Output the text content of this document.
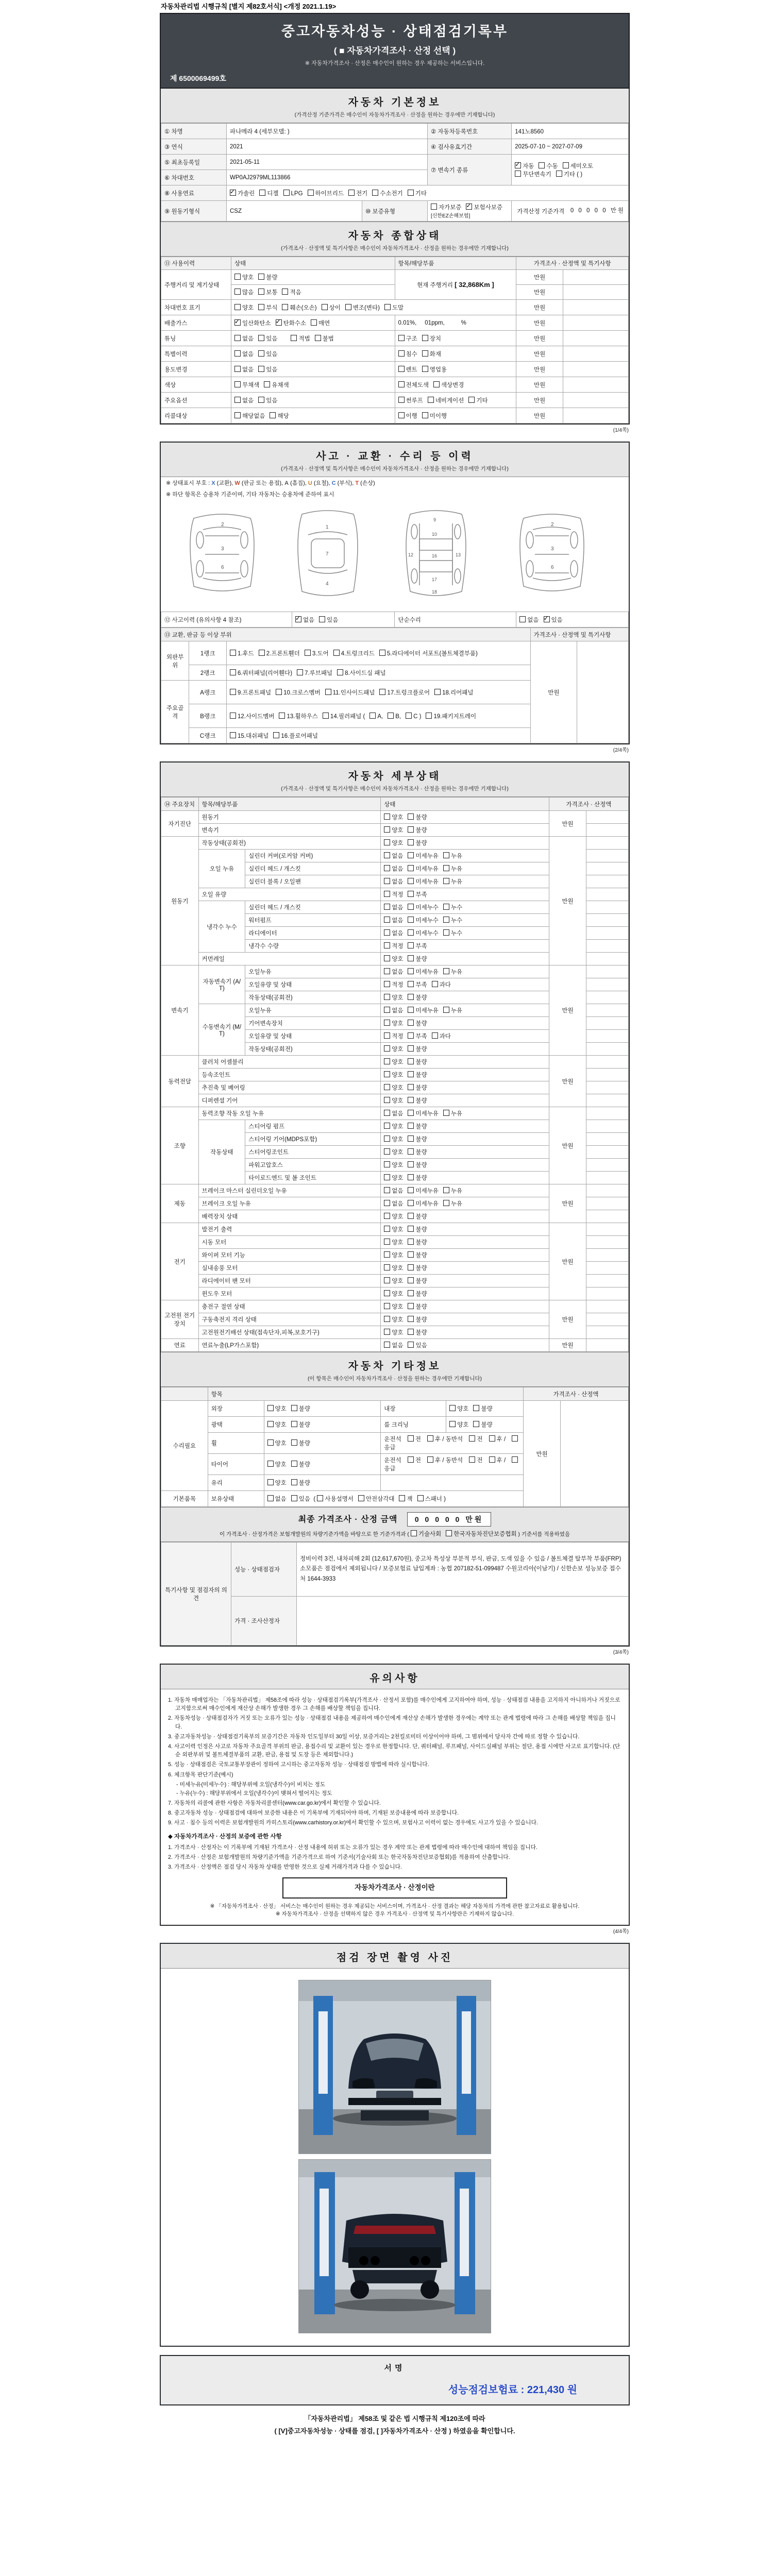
자동차관리법 시행규칙 [별지 제82호서식] <개정 2021.1.19>
중고자동차성능 · 상태점검기록부
( ■ 자동차가격조사 · 산정 선택 )
※ 자동차가격조사 · 산정은 매수인이 원하는 경우 제공하는 서비스입니다.
제 6500069499호
자동차 기본정보
(가격산정 기준가격은 매수인이 자동차가격조사 · 산정을 원하는 경우에만 기재합니다)
① 차명	파나메라 4 (세부모델: )		② 자동차등록번호	141노8560
③ 연식	2021		④ 검사유효기간	2025-07-10 ~ 2027-07-09
⑤ 최초등록일	2021-05-11		⑦ 변속기 종류	✓자동 수동 세미오토
무단변속기 기타 ( )
⑥ 차대번호	WP0AJ2979ML113866			
⑧ 사용연료	✓가솔린 디젤 LPG 하이브리드 전기 수소전기 기타
⑨ 원동기형식	CSZ	⑩ 보증유형	자가보증 ✓ 보험사보증 [신한EZ손해보험]	가격산정 기준가격 0 0 0 0 0 만원
자동차 종합상태
(가격조사 · 산정액 및 특기사항은 매수인이 자동차가격조사 · 산정을 원하는 경우에만 기재합니다)
⑪ 사용이력	상태	항목/해당부품	가격조사 · 산정액 및 특기사항	
주행거리 및 계기상태	양호 불량	현재 주행거리 [ 32,868Km ]	만원	
	많음 보통 적음		만원	
차대번호 표기	양호 부식 훼손(오손) 상이 변조(변타) 도말		만원	
배출가스	✓일산화탄소 ✓ 탄화수소 매연	0.01%,     01ppm,          %	만원	
튜닝	없음 있음 적법 불법	구조 장치	만원	
특별이력	없음 있음	침수 화재	만원	
용도변경	없음 있음	렌트 영업용	만원	
색상	무채색 유채색	전체도색 색상변경	만원	
주요옵션	없음 있음	썬루프 네비게이션 기타	만원	
리콜대상	해당없음 해당	이행 미이행	만원	
(1/4쪽)
사고 · 교환 · 수리 등 이력
(가격조사 · 산정액 및 특기사항은 매수인이 자동차가격조사 · 산정을 원하는 경우에만 기재합니다)
※ 상태표시 부호 : X (교환), W (판금 또는 용접), A (흠집), U (요철), C (부식), T (손상)
※ 하단 항목은 승용차 기준이며, 기타 자동차는 승용차에 준하여 표시
2
3
6
1
7
4
9
10
12	13
16
17
18
2
3
6
⑫ 사고이력 (유의사항 4 참조)	✓없음 있음	단순수리	없음 ✓ 있음
⑬ 교환, 판금 등 이상 부위			가격조사 · 산정액 및 특기사항	
외판부위	1랭크	1.후드 2.프론트휀더 3.도어 4.트렁크리드 5.라디에이터 서포트(볼트체결부품)	만원	
	2랭크	6.쿼터패널(리어휀다) 7.루브패널 8.사이드실 패널		
주요골격	A랭크	9.프론트패널 10.크로스멤버 11.인사이드패널 17.트렁크플로어 18.리어패널		
	B랭크	12.사이드멤버 13.휠하우스 14.필러패널 ( A, B, C ) 19.패키지트레이		
	C랭크	15.대쉬패널 16.플로어패널		
(2/4쪽)
자동차 세부상태
(가격조사 · 산정액 및 특기사항은 매수인이 자동차가격조사 · 산정을 원하는 경우에만 기재합니다)
⑭ 주요장치	항목/해당부품		상태	가격조사 · 산정액	
자기진단	원동기		양호 불량	만원	
	변속기		양호 불량		
원동기	작동상태(공회전)		양호 불량	만원	
	오일 누유	실린더 커버(로커암 커버)	없음 미세누유 누유		
		실린더 헤드 / 개스킷	없음 미세누유 누유		
		실린더 블록 / 오일팬	없음 미세누유 누유		
	오일 유량		적정 부족		
	냉각수 누수	실린더 헤드 / 개스킷	없음 미세누수 누수		
		워터펌프	없음 미세누수 누수		
		라디에이터	없음 미세누수 누수		
		냉각수 수량	적정 부족		
	커먼레일		양호 불량		
변속기	자동변속기 (A/T)	오일누유	없음 미세누유 누유	만원	
		오일유량 및 상태	적정 부족 과다		
		작동상태(공회전)	양호 불량		
	수동변속기 (M/T)	오일누유	없음 미세누유 누유		
		기어변속장치	양호 불량		
		오일유량 및 상태	적정 부족 과다		
		작동상태(공회전)	양호 불량		
동력전달	클러치 어셈블리		양호 불량	만원	
	등속조인트		양호 불량		
	추진축 및 베어링		양호 불량		
	디퍼렌셜 기어		양호 불량		
조향	동력조향 작동 오일 누유		없음 미세누유 누유	만원	
	작동상태	스티어링 펌프	양호 불량		
		스티어링 기어(MDPS포함)	양호 불량		
		스티어링조인트	양호 불량		
		파워고압호스	양호 불량		
		타이로드엔드 및 볼 조인트	양호 불량		
제동	브레이크 마스터 실린더오일 누유		없음 미세누유 누유	만원	
	브레이크 오일 누유		없음 미세누유 누유		
	배력장치 상태		양호 불량		
전기	발전기 출력		양호 불량	만원	
	시동 모터		양호 불량		
	와이퍼 모터 기능		양호 불량		
	실내송풍 모터		양호 불량		
	라디에이터 팬 모터		양호 불량		
	윈도우 모터		양호 불량		
고전원 전기장치	충전구 절연 상태		양호 불량	만원	
	구동축전지 격리 상태		양호 불량		
	고전원전기배선 상태(접속단자,피복,보호기구)		양호 불량		
연료	연료누출(LP가스포함)		없음 있음	만원	
자동차 기타정보
(이 항목은 매수인이 자동차가격조사 · 산정을 원하는 경우에만 기재합니다)
	항목				가격조사 · 산정액	
수리필요	외장	양호 불량	내장	양호 불량	만원	
	광택	양호 불량	룸 크리닝	양호 불량		
	휠	양호 불량	운전석 전 후 / 동반석 전 후 / 응급			
	타이어	양호 불량	운전석 전 후 / 동반석 전 후 / 응급			
	유리	양호 불량				
기본품목	보유상태	없음 있음  ( 사용설명서 안전삼각대 잭 스패너 )				
최종 가격조사 · 산정 금액 0 0 0 0 0 만원
이 가격조사 · 산정가격은 보험개발원의 차량기준가액을 바탕으로 한 기준가격과 ( 기술사회 한국자동차진단보증협회 ) 기준서를 적용하였음
특기사항 및 점검자의 의견	성능 · 상태점검자	정비이력 3건, 내차피해 2회 (12,617,670원), 중고차 특성상 부분적 부식, 판금, 도색 있을 수 있음 / 볼트체결 탈부착 부품(FRP)소모품은 점검에서 제외됩니다 / 보증보험료 납입계좌 : 농협 207182-51-099487 수원코리아(이남기) / 신한손보 성능보증 접수처 1644-3933
	가격 · 조사산정자	
(3/4쪽)
유의사항
1. 자동차 매매업자는 「자동차관리법」 제58조에 따라 성능 · 상태점검기록부(가격조사 · 산정서 포함)를 매수인에게 고지하여야 하며, 성능 · 상태점검 내용을 고지하지 아니하거나 거짓으로 고지함으로써 매수인에게 재산상 손해가 발생한 경우 그 손해를 배상할 책임을 집니다.
2. 자동차성능 · 상태점검자가 거짓 또는 오류가 있는 성능 · 상태점검 내용을 제공하여 매수인에게 재산상 손해가 발생한 경우에는 계약 또는 관계 법령에 따라 그 손해를 배상할 책임을 집니다.
3. 중고자동차성능 · 상태점검기록부의 보증기간은 자동차 인도일부터 30일 이상, 보증거리는 2천킬로미터 이상이어야 하며, 그 범위에서 당사자 간에 따로 정할 수 있습니다.
4. 사고이력 인정은 사고로 자동차 주요골격 부위의 판금, 용접수리 및 교환이 있는 경우로 한정합니다. 단, 쿼터패널, 루프패널, 사이드실패널 부위는 절단, 용접 시에만 사고로 표기합니다. (단순 외판부위 및 볼트체결부품의 교환, 판금, 용접 및 도장 등은 제외합니다.)
5. 성능 · 상태점검은 국토교통부장관이 정하여 고시하는 중고자동차 성능 · 상태점검 방법에 따라 실시합니다.
6. 체크항목 판단기준(예시)
- 미세누유(미세누수) : 해당부위에 오일(냉각수)이 비치는 정도
- 누유(누수) : 해당부위에서 오일(냉각수)이 맺혀서 떨어지는 정도
7. 자동차의 리콜에 관한 사항은 자동차리콜센터(www.car.go.kr)에서 확인할 수 있습니다.
8. 중고자동차 성능 · 상태점검에 대하여 보증한 내용은 이 기록부에 기재되어야 하며, 기재된 보증내용에 따라 보증합니다.
9. 사고 · 침수 등의 이력은 보험개발원의 카히스토리(www.carhistory.or.kr)에서 확인할 수 있으며, 보험사고 이력이 없는 경우에도 사고가 있을 수 있습니다.
◆ 자동차가격조사 · 산정의 보증에 관한 사항
1. 가격조사 · 산정자는 이 기록부에 기재된 가격조사 · 산정 내용에 허위 또는 오류가 있는 경우 계약 또는 관계 법령에 따라 매수인에 대하여 책임을 집니다.
2. 가격조사 · 산정은 보험개발원의 차량기준가액을 기준가격으로 하여 기준서(기술사회 또는 한국자동차진단보증협회)를 적용하여 산출합니다.
3. 가격조사 · 산정액은 점검 당시 자동차 상태를 반영한 것으로 실제 거래가격과 다를 수 있습니다.
자동차가격조사 · 산정이란
※ 「자동차가격조사 · 산정」 서비스는 매수인이 원하는 경우 제공되는 서비스이며, 가격조사 · 산정 결과는 해당 자동차의 가격에 관한 참고자료로 활용됩니다.
※ 자동차가격조사 · 산정을 선택하지 않은 경우 가격조사 · 산정액 및 특기사항란은 기재하지 않습니다.
(4/4쪽)
점검 장면 촬영 사진
서명
성능점검보험료 : 221,430 원
「자동차관리법」 제58조 및 같은 법 시행규칙 제120조에 따라
( [V]중고자동차성능 · 상태를 점검, [ ]자동차가격조사 · 산정 ) 하였음을 확인합니다.
